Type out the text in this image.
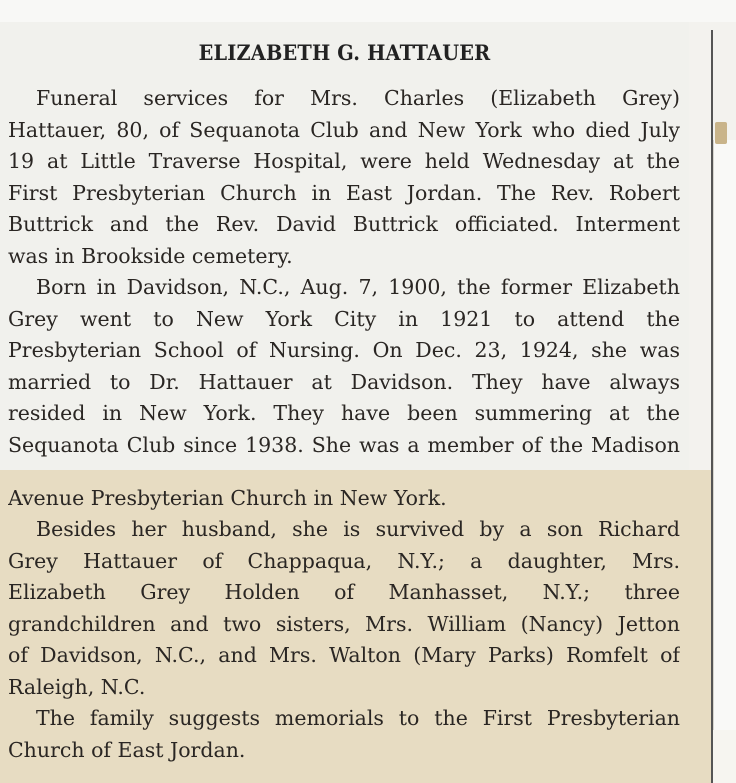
ELIZABETH G. HATTAUER
Funeral services for Mrs. Charles (Elizabeth Grey)
Hattauer, 80, of Sequanota Club and New York who died July
19 at Little Traverse Hospital, were held Wednesday at the
First Presbyterian Church in East Jordan. The Rev. Robert
Buttrick and the Rev. David Buttrick officiated. Interment
was in Brookside cemetery.
Born in Davidson, N.C., Aug. 7, 1900, the former Elizabeth
Grey went to New York City in 1921 to attend the
Presbyterian School of Nursing. On Dec. 23, 1924, she was
married to Dr. Hattauer at Davidson. They have always
resided in New York. They have been summering at the
Sequanota Club since 1938. She was a member of the Madison
Avenue Presbyterian Church in New York.
Besides her husband, she is survived by a son Richard
Grey Hattauer of Chappaqua, N.Y.; a daughter, Mrs.
Elizabeth Grey Holden of Manhasset, N.Y.; three
grandchildren and two sisters, Mrs. William (Nancy) Jetton
of Davidson, N.C., and Mrs. Walton (Mary Parks) Romfelt of
Raleigh, N.C.
The family suggests memorials to the First Presbyterian
Church of East Jordan.
